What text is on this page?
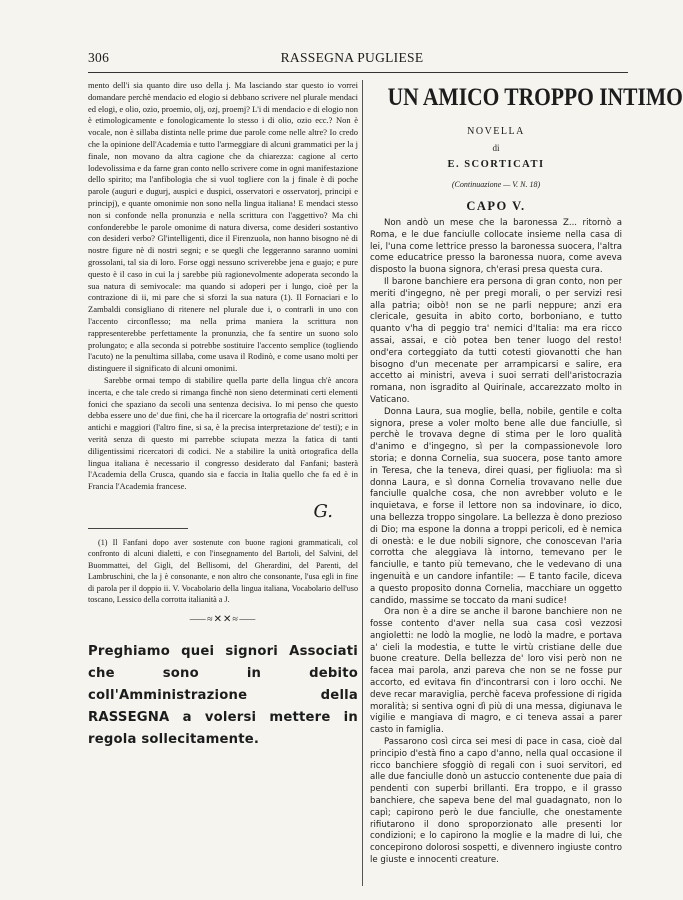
306	RASSEGNA PUGLIESE

mento dell'i sia quanto dire uso della j. Ma lasciando star questo io vorrei domandare perchè mendacio ed elogio si debbano scrivere nel plurale mendaci ed elogi, e olio, ozio, proemio, olj, ozj, proemj? L'i di mendacio e di elogio non è etimologicamente e fonologicamente lo stesso i di olio, ozio ecc.? Non è vocale, non è sillaba distinta nelle prime due parole come nelle altre? Io credo che la opinione dell'Academia e tutto l'armeggiare di alcuni grammatici per la j finale, non movano da altra cagione che da chiarezza: cagione al certo lodevolissima e da farne gran conto nello scrivere come in ogni manifestazione dello spirito; ma l'anfibologia che si vuol togliere con la j finale è di poche parole (auguri e dugurj, auspici e duspici, osservatori e osservatorj, principi e principj), e quante omonimie non sono nella lingua italiana! E mendaci stesso non si confonde nella pronunzia e nella scrittura con l'aggettivo? Ma chi confonderebbe le parole omonime di natura diversa, come desideri sostantivo con desideri verbo? Gl'intelligenti, dice il Firenzuola, non hanno bisogno nè di nostre figure nè di nostri segni; e se quegli che leggeranno saranno uomini grossolani, tal sia di loro. Forse oggi nessuno scriverebbe jena e guajo; e pure questo è il caso in cui la j sarebbe più ragionevolmente adoperata secondo la sua natura di semivocale: ma quando si adoperi per i lungo, cioè per la contrazione di ii, mi pare che si sforzi la sua natura (1). Il Fornaciari e lo Zambaldi consigliano di ritenere nel plurale due i, o contrarli in uno con l'accento circonflesso; ma nella prima maniera la scrittura non rappresenterebbe perfettamente la pronunzia, che fa sentire un suono solo prolungato; e alla seconda si potrebbe sostituire l'accento semplice (togliendo l'acuto) ne la penultima sillaba, come usava il Rodinò, e come usano molti per distinguere il significato di alcuni omonimi.

Sarebbe ormai tempo di stabilire quella parte della lingua ch'è ancora incerta, e che tale credo si rimanga finchè non sieno determinati certi elementi fonici che spaziano da secoli una sentenza decisiva. Io mi penso che questo debba essere uno de' due fini, che ha il ricercare la ortografia de' nostri scrittori antichi e maggiori (l'altro fine, si sa, è la precisa interpretazione de' testi); e in verità senza di questo mi parrebbe sciupata mezza la fatica di tanti diligentissimi ricercatori di codici. Ne a stabilire la unità ortografica della lingua italiana è necessario il congresso desiderato dal Fanfani; basterà l'Academia della Crusca, quando sia e faccia in Italia quello che fa ed è in Francia l'Academia francese.

G.

(1) Il Fanfani dopo aver sostenute con buone ragioni grammaticali, col confronto di alcuni dialetti, e con l'insegnamento del Bartoli, del Salvini, del Buommattei, del Gigli, del Bellisomi, del Gherardini, del Parenti, del Lambruschini, che la j è consonante, e non altro che consonante, l'usa egli in fine di parola per il doppio ii. V. Vocabolario della lingua italiana, Vocabolario dell'uso toscano, Lessico della corrotta italianità a J.

⸺≈✕✕≈⸺

Preghiamo quei signori Associati che sono in debito coll'Amministrazione della RASSEGNA a volersi mettere in regola sollecitamente.

UN AMICO TROPPO INTIMO
NOVELLA
di
E. SCORTICATI
(Continuazione — V. N. 18)
CAPO V.

Non andò un mese che la baronessa Z... ritornò a Roma, e le due fanciulle collocate insieme nella casa di lei, l'una come lettrice presso la baronessa suocera, l'altra come educatrice presso la baronessa nuora, come aveva disposto la buona signora, ch'erasi presa questa cura.

Il barone banchiere era persona di gran conto, non per meriti d'ingegno, nè per pregi morali, o per servizi resi alla patria; oibò! non se ne parli neppure; anzi era clericale, gesuita in abito corto, borboniano, e tutto quanto v'ha di peggio tra' nemici d'Italia: ma era ricco assai, assai, e ciò potea ben tener luogo del resto! ond'era corteggiato da tutti cotesti giovanotti che han bisogno d'un mecenate per arrampicarsi e salire, era accetto ai ministri, aveva i suoi serrati dell'aristocrazia romana, non isgradito al Quirinale, accarezzato molto in Vaticano.

Donna Laura, sua moglie, bella, nobile, gentile e colta signora, prese a voler molto bene alle due fanciulle, sì perchè le trovava degne di stima per le loro qualità d'animo e d'ingegno, sì per la compassionevole loro storia; e donna Cornelia, sua suocera, pose tanto amore in Teresa, che la teneva, direi quasi, per figliuola: ma sì donna Laura, e sì donna Cornelia trovavano nelle due fanciulle qualche cosa, che non avrebber voluto e le inquietava, e forse il lettore non sa indovinare, io dico, una bellezza troppo singolare. La bellezza è dono prezioso di Dio; ma espone la donna a troppi pericoli, ed è nemica di onestà: e le due nobili signore, che conoscevan l'aria corrotta che aleggiava là intorno, temevano per le fanciulle, e tanto più temevano, che le vedevano di una ingenuità e un candore infantile: — E tanto facile, diceva a questo proposito donna Cornelia, macchiare un oggetto candido, massime se toccato da mani sudice!

Ora non è a dire se anche il barone banchiere non ne fosse contento d'aver nella sua casa così vezzosi angioletti: ne lodò la moglie, ne lodò la madre, e portava a' cieli la modestia, e tutte le virtù cristiane delle due buone creature. Della bellezza de' loro visi però non ne facea mai parola, anzi pareva che non se ne fosse pur accorto, ed evitava fin d'incontrarsi con i loro occhi. Ne deve recar maraviglia, perchè faceva professione di rigida moralità; si sentiva ogni dì più di una messa, digiunava le vigilie e mangiava di magro, e ci teneva assai a parer casto in famiglia.

Passarono così circa sei mesi di pace in casa, cioè dal principio d'està fino a capo d'anno, nella qual occasione il ricco banchiere sfoggiò di regali con i suoi servitori, ed alle due fanciulle donò un astuccio contenente due paia di pendenti con superbi brillanti. Era troppo, e il grasso banchiere, che sapeva bene del mal guadagnato, non lo capì; capirono però le due fanciulle, che onestamente rifiutarono il dono sproporzionato alle presenti lor condizioni; e lo capirono la moglie e la madre di lui, che concepirono dolorosi sospetti, e divennero ingiuste contro le giuste e innocenti creature.
